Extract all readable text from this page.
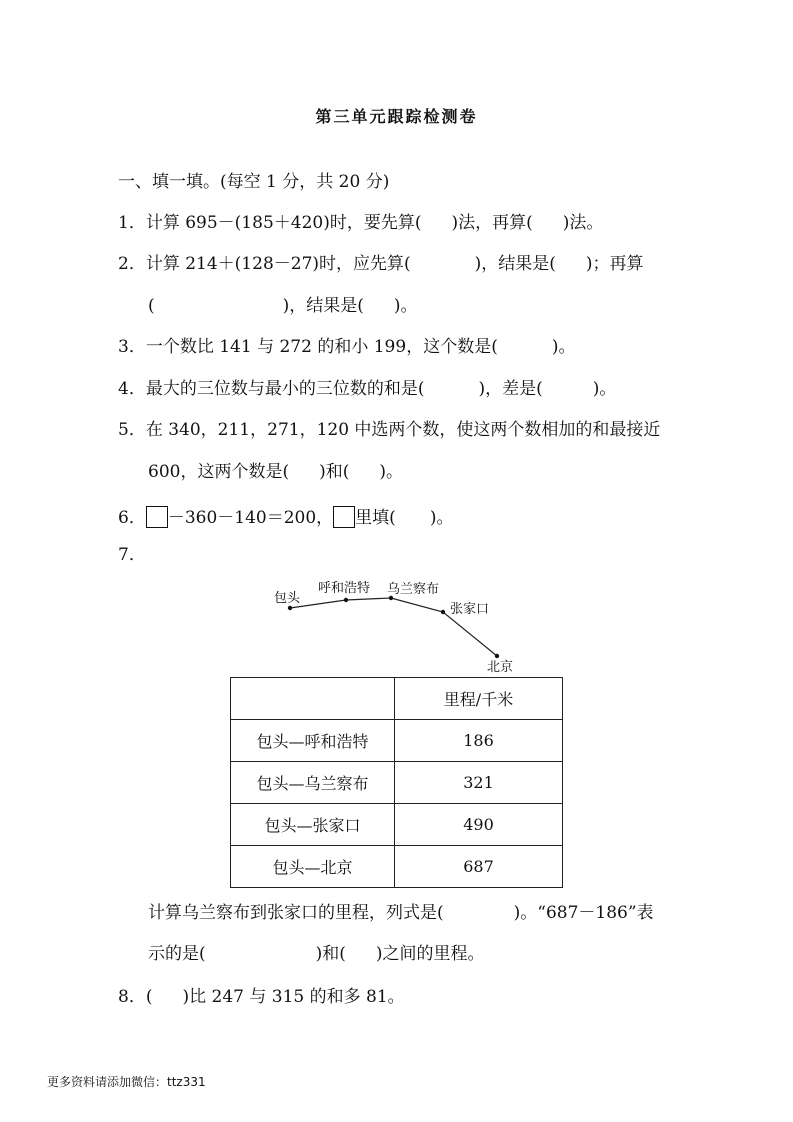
第三单元跟踪检测卷
一、填一填。(每空 1 分，共 20 分)
1．计算 695－(185＋420)时，要先算( )法，再算( )法。
2．计算 214＋(128－27)时，应先算(	)，结果是( )；再算
(	)，结果是( )。
3．一个数比 141 与 272 的和小 199，这个数是(	)。
4．最大的三位数与最小的三位数的和是(	)，差是(	)。
5．在 340，211，271，120 中选两个数，使这两个数相加的和最接近
600，这两个数是( )和( )。
6． －360－140＝200， 里填( )。
7．
包头
呼和浩特 乌兰察布
张家口
北京
	里程/千米
包头—呼和浩特	186
包头—乌兰察布	321
包头—张家口	490
包头—北京	687
计算乌兰察布到张家口的里程，列式是(	)。“687－186”表
示的是(	)和( )之间的里程。
8．( )比 247 与 315 的和多 81。
更多资料请添加微信：ttz331
